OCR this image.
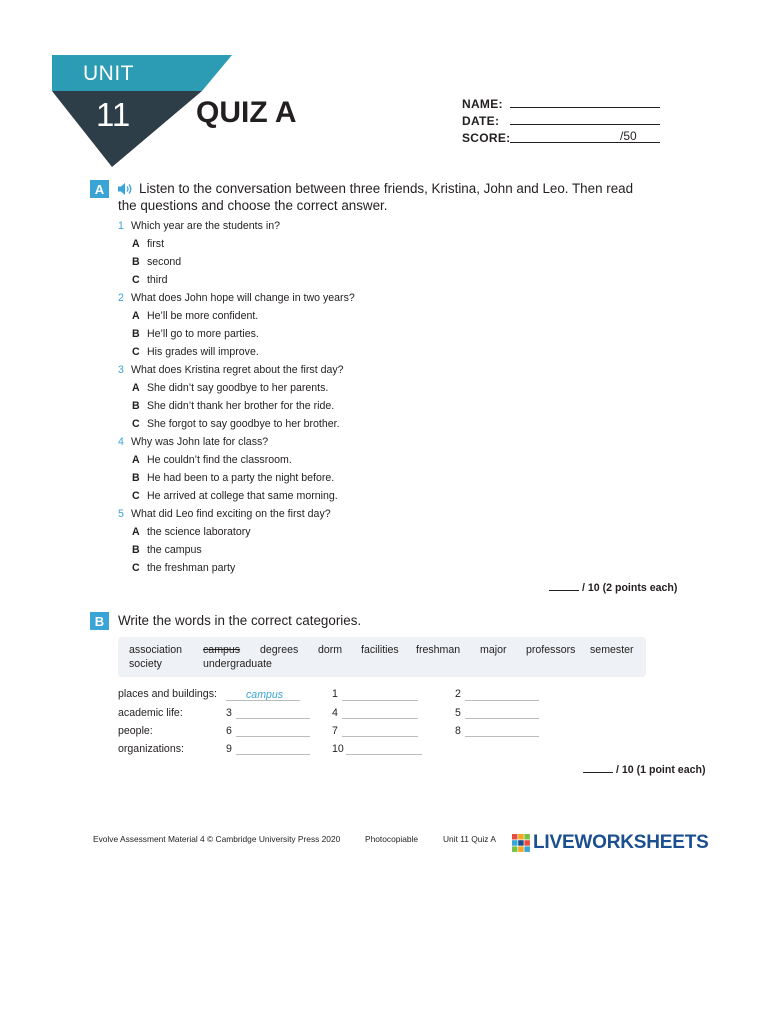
UNIT
11 QUIZ A	NAME:
DATE:
SCORE:	/50
A	Listen to the conversation between three friends, Kristina, John and Leo. Then read
the questions and choose the correct answer.
1 Which year are the students in?
A first
B second
C third
2 What does John hope will change in two years?
A He’ll be more confident.
B He’ll go to more parties.
C His grades will improve.
3 What does Kristina regret about the first day?
A She didn’t say goodbye to her parents.
B She didn’t thank her brother for the ride.
C She forgot to say goodbye to her brother.
4 Why was John late for class?
A He couldn’t find the classroom.
B He had been to a party the night before.
C He arrived at college that same morning.
5 What did Leo find exciting on the first day?
A the science laboratory
B the campus
C the freshman party
/ 10 (2 points each)
B	Write the words in the correct categories.
association campus degrees dorm facilities freshman major professors semester
society	undergraduate
places and buildings:	campus	1	2
academic life:	3	4	5
people:	6	7	8
organizations:	9	10
/ 10 (1 point each)
Evolve Assessment Material 4 © Cambridge University Press 2020	Photocopiable	Unit 11 Quiz A LIVEWORKSHEETS
